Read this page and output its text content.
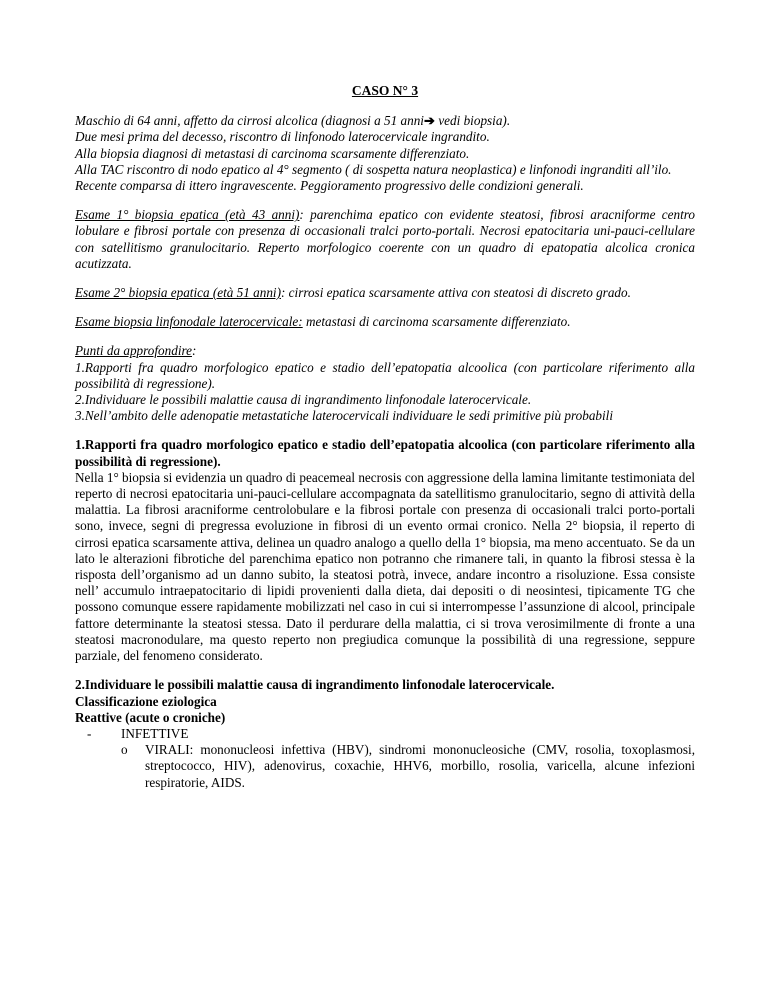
CASO N° 3

Maschio di 64 anni, affetto da cirrosi alcolica (diagnosi a 51 anni➔ vedi biopsia).

Due mesi prima del decesso, riscontro di linfonodo laterocervicale ingrandito.

Alla biopsia diagnosi di metastasi di carcinoma scarsamente differenziato.

Alla TAC riscontro di nodo epatico al 4° segmento ( di sospetta natura neoplastica) e linfonodi ingranditi all’ilo.

Recente comparsa di ittero ingravescente. Peggioramento progressivo delle condizioni generali.

Esame 1° biopsia epatica (età 43 anni): parenchima epatico con evidente steatosi, fibrosi aracniforme centro lobulare e fibrosi portale con presenza di occasionali tralci porto-portali. Necrosi epatocitaria uni-pauci-cellulare con satellitismo granulocitario. Reperto morfologico coerente con un quadro di epatopatia alcolica cronica acutizzata.

Esame 2° biopsia epatica (età 51 anni): cirrosi epatica scarsamente attiva con steatosi di discreto grado.

Esame biopsia linfonodale laterocervicale: metastasi di carcinoma scarsamente differenziato.

Punti da approfondire:

1.Rapporti fra quadro morfologico epatico e stadio dell’epatopatia alcoolica (con particolare riferimento alla possibilità di regressione).

2.Individuare le possibili malattie causa di ingrandimento linfonodale laterocervicale.

3.Nell’ambito delle adenopatie metastatiche laterocervicali individuare le sedi primitive più probabili

1.Rapporti fra quadro morfologico epatico e stadio dell’epatopatia alcoolica (con particolare riferimento alla possibilità di regressione).

Nella 1° biopsia si evidenzia un quadro di peacemeal necrosis con aggressione della lamina limitante testimoniata del reperto di necrosi epatocitaria uni-pauci-cellulare accompagnata da satellitismo granulocitario, segno di attività della malattia. La fibrosi aracniforme centrolobulare e la fibrosi portale con presenza di occasionali tralci porto-portali sono, invece, segni di pregressa evoluzione in fibrosi di un evento ormai cronico. Nella 2° biopsia, il reperto di cirrosi epatica scarsamente attiva, delinea un quadro analogo a quello della 1° biopsia, ma meno accentuato. Se da un lato le alterazioni fibrotiche del parenchima epatico non potranno che rimanere tali, in quanto la fibrosi stessa è la risposta dell’organismo ad un danno subito, la steatosi potrà, invece, andare incontro a risoluzione. Essa consiste nell’ accumulo intraepatocitario di lipidi provenienti dalla dieta, dai depositi o di neosintesi, tipicamente TG che possono comunque essere rapidamente mobilizzati nel caso in cui si interrompesse l’assunzione di alcool, principale fattore determinante la steatosi stessa. Dato il perdurare della malattia, ci si trova verosimilmente di fronte a una steatosi macronodulare, ma questo reperto non pregiudica comunque la possibilità di una regressione, seppure parziale, del fenomeno considerato.

2.Individuare le possibili malattie causa di ingrandimento linfonodale laterocervicale.

Classificazione eziologica

Reattive (acute o croniche)

- INFETTIVE
o VIRALI: mononucleosi infettiva (HBV), sindromi mononucleosiche (CMV, rosolia, toxoplasmosi, streptococco, HIV), adenovirus, coxachie, HHV6, morbillo, rosolia, varicella, alcune infezioni respiratorie, AIDS.
